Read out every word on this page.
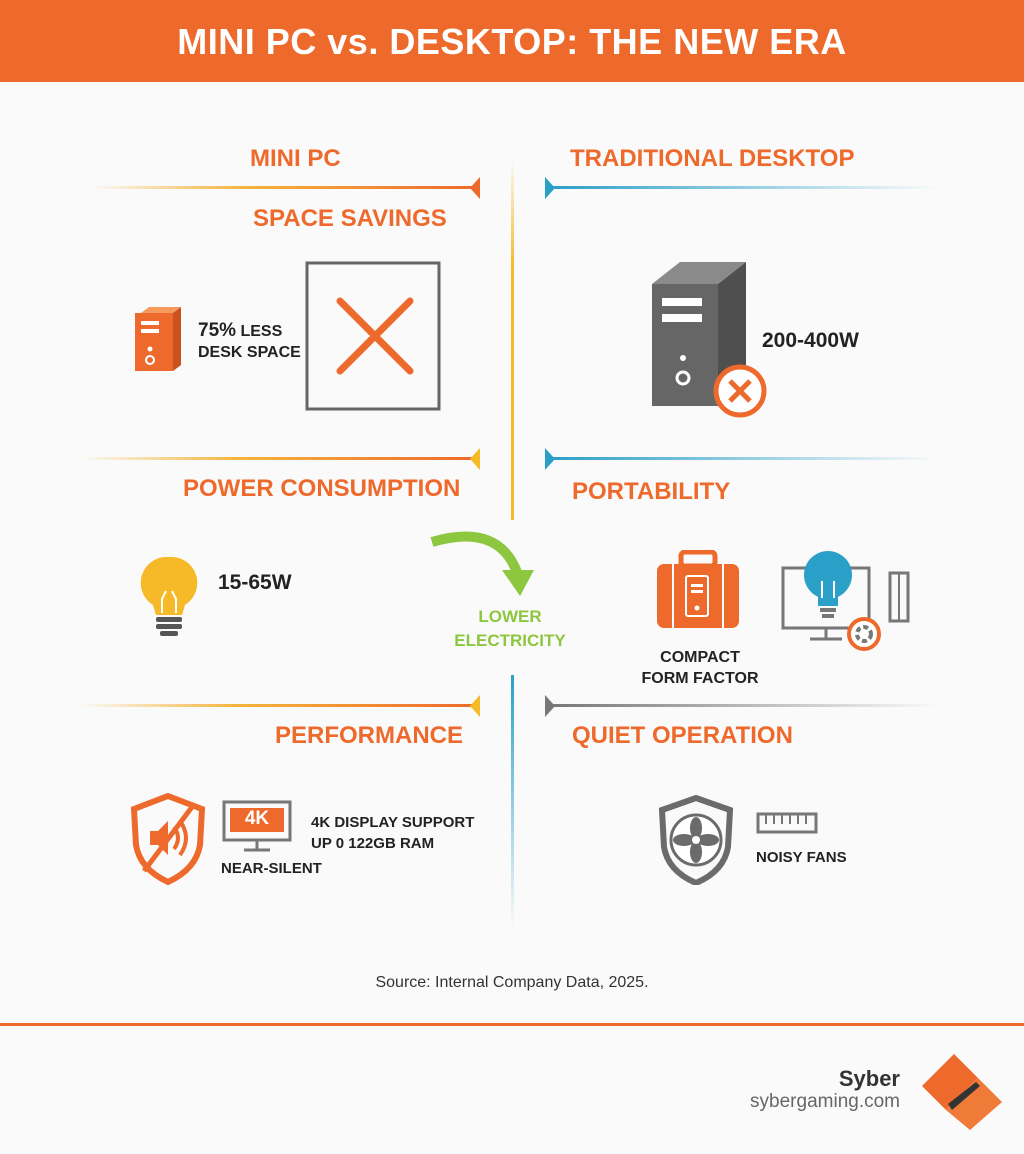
MINI PC vs. DESKTOP: THE NEW ERA
MINI PC	TRADITIONAL DESKTOP
SPACE SAVINGS
75% LESS
DESK SPACE
200-400W
POWER CONSUMPTION
15-65W
LOWER
ELECTRICITY
PORTABILITY
COMPACT
FORM FACTOR
PERFORMANCE
4K	4K DISPLAY SUPPORT
UP 0 122GB RAM
NEAR-SILENT
QUIET OPERATION
NOISY FANS
Source: Internal Company Data, 2025.
Syber
sybergaming.com
